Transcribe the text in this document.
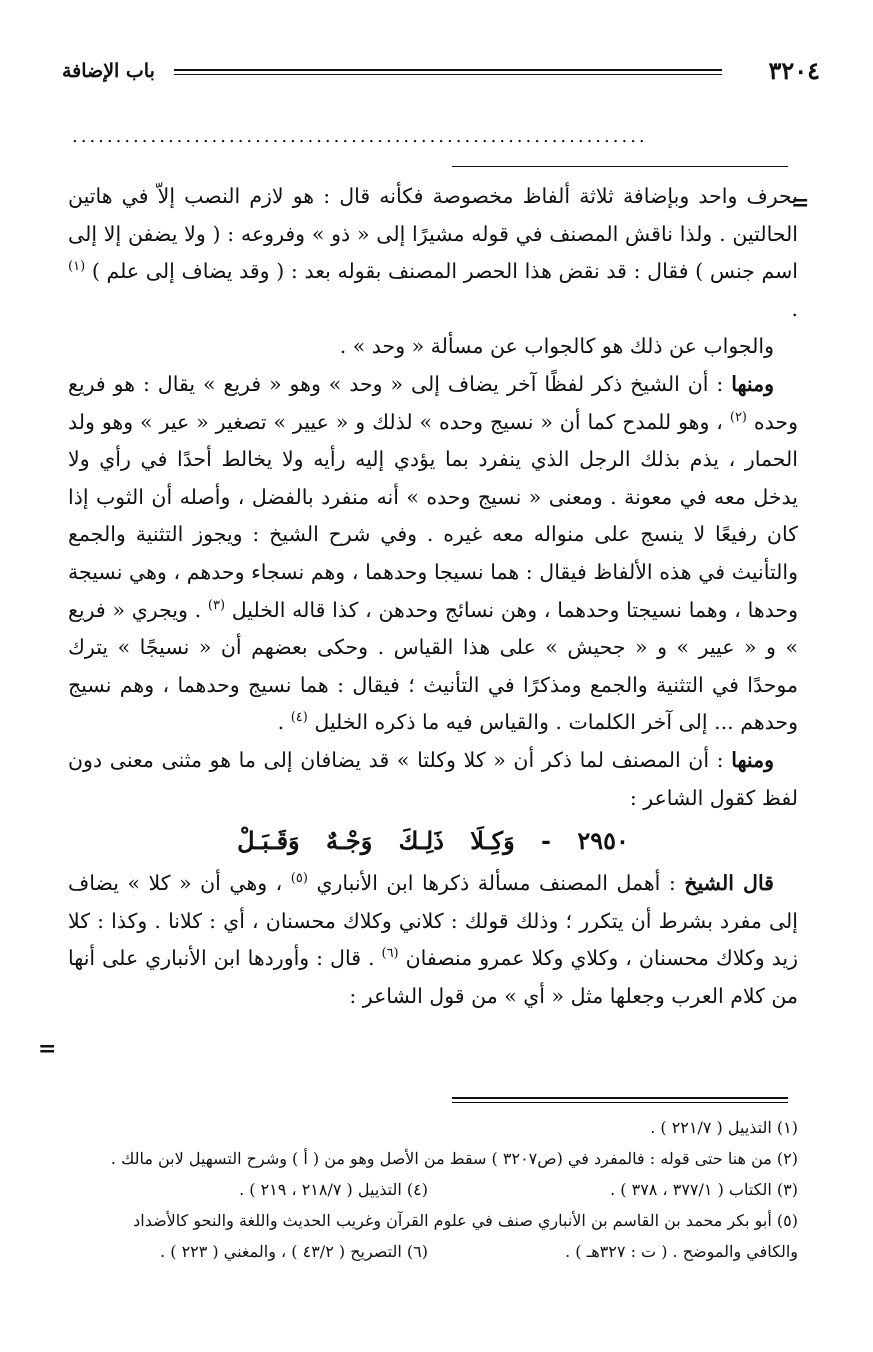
باب الإضافة	٣٢٠٤
..................................................................
=
=

بحرف واحد وبإضافة ثلاثة ألفاظ مخصوصة فكأنه قال : هو لازم النصب إلاّ في هاتين الحالتين . ولذا ناقش المصنف في قوله مشيرًا إلى « ذو » وفروعه : ( ولا يضفن إلا إلى اسم جنس ) فقال : قد نقض هذا الحصر المصنف بقوله بعد : ( وقد يضاف إلى علم ) $^{(١)}$ .

والجواب عن ذلك هو كالجواب عن مسألة « وحد » .

ومنها : أن الشيخ ذكر لفظًا آخر يضاف إلى « وحد » وهو « فريع » يقال : هو فريع وحده $^{(٢)}$ ، وهو للمدح كما أن « نسيج وحده » لذلك و « عيير » تصغير « عير » وهو ولد الحمار ، يذم بذلك الرجل الذي ينفرد بما يؤدي إليه رأيه ولا يخالط أحدًا في رأي ولا يدخل معه في معونة . ومعنى « نسيج وحده » أنه منفرد بالفضل ، وأصله أن الثوب إذا كان رفيعًا لا ينسج على منواله معه غيره . وفي شرح الشيخ : ويجوز التثنية والجمع والتأنيث في هذه الألفاظ فيقال : هما نسيجا وحدهما ، وهم نسجاء وحدهم ، وهي نسيجة وحدها ، وهما نسيجتا وحدهما ، وهن نسائج وحدهن ، كذا قاله الخليل $^{(٣)}$ . ويجري « فريع » و « عيير » و « جحيش » على هذا القياس . وحكى بعضهم أن « نسيجًا » يترك موحدًا في التثنية والجمع ومذكرًا في التأنيث ؛ فيقال : هما نسيج وحدهما ، وهم نسيج وحدهم ... إلى آخر الكلمات . والقياس فيه ما ذكره الخليل $^{(٤)}$ .

ومنها : أن المصنف لما ذكر أن « كلا وكلتا » قد يضافان إلى ما هو مثنى معنى دون لفظ كقول الشاعر :

٢٩٥٠ - وَكِـلَا ذَلِـكَ وَجْـهٌ وَقَـبَـلْ

قال الشيخ : أهمل المصنف مسألة ذكرها ابن الأنباري $^{(٥)}$ ، وهي أن « كلا » يضاف إلى مفرد بشرط أن يتكرر ؛ وذلك قولك : كلاني وكلاك محسنان ، أي : كلانا . وكذا : كلا زيد وكلاك محسنان ، وكلاي وكلا عمرو منصفان $^{(٦)}$ . قال : وأوردها ابن الأنباري على أنها من كلام العرب وجعلها مثل « أي » من قول الشاعر :

(١) التذييل ( ٢٢١/٧ ) .
(٢) من هنا حتى قوله : فالمفرد في (ص٣٢٠٧ ) سقط من الأصل وهو من ( أ ) وشرح التسهيل لابن مالك .
(٣) الكتاب ( ٣٧٧/١ ، ٣٧٨ ) .
(٤) التذييل ( ٢١٨/٧ ، ٢١٩ ) .
(٥) أبو بكر محمد بن القاسم بن الأنباري صنف في علوم القرآن وغريب الحديث واللغة والنحو كالأضداد
والكافي والموضح . ( ت : ٣٢٧هـ ) .
(٦) التصريح ( ٤٣/٢ ) ، والمغني ( ٢٢٣ ) .
